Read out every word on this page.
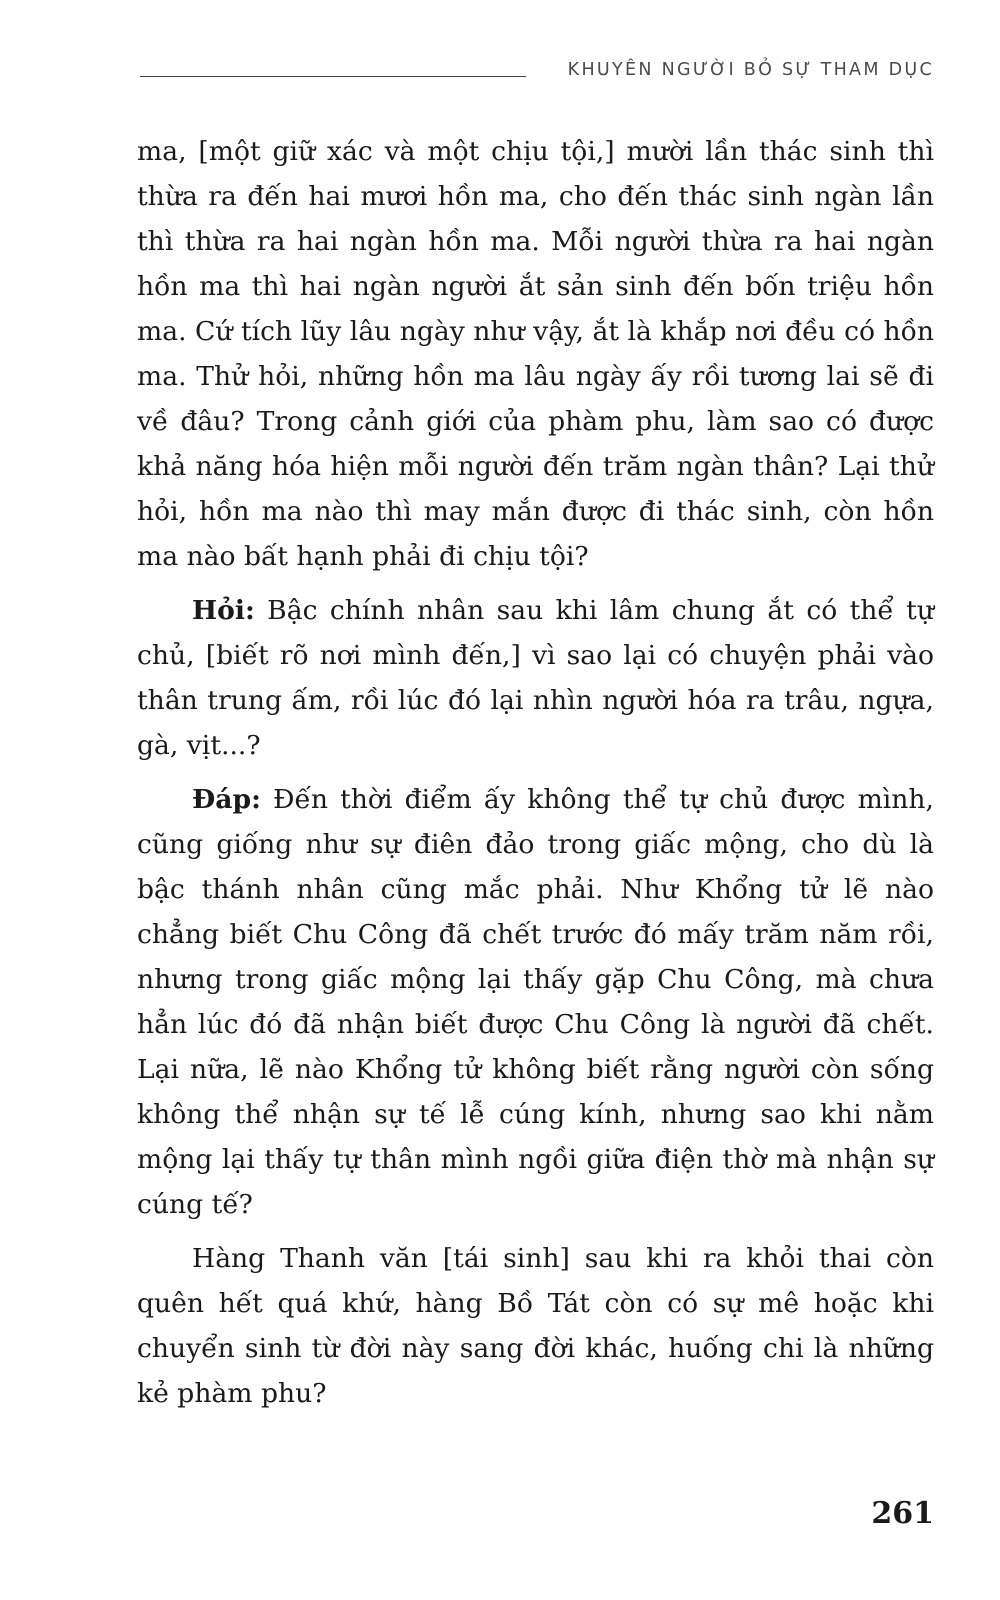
KHUYÊN NGƯỜI BỎ SỰ THAM DỤC

ma, [một giữ xác và một chịu tội,] mười lần thác sinh thì thừa ra đến hai mươi hồn ma, cho đến thác sinh ngàn lần thì thừa ra hai ngàn hồn ma. Mỗi người thừa ra hai ngàn hồn ma thì hai ngàn người ắt sản sinh đến bốn triệu hồn ma. Cứ tích lũy lâu ngày như vậy, ắt là khắp nơi đều có hồn ma. Thử hỏi, những hồn ma lâu ngày ấy rồi tương lai sẽ đi về đâu? Trong cảnh giới của phàm phu, làm sao có được khả năng hóa hiện mỗi người đến trăm ngàn thân? Lại thử hỏi, hồn ma nào thì may mắn được đi thác sinh, còn hồn ma nào bất hạnh phải đi chịu tội?

Hỏi: Bậc chính nhân sau khi lâm chung ắt có thể tự chủ, [biết rõ nơi mình đến,] vì sao lại có chuyện phải vào thân trung ấm, rồi lúc đó lại nhìn người hóa ra trâu, ngựa, gà, vịt...?

Đáp: Đến thời điểm ấy không thể tự chủ được mình, cũng giống như sự điên đảo trong giấc mộng, cho dù là bậc thánh nhân cũng mắc phải. Như Khổng tử lẽ nào chẳng biết Chu Công đã chết trước đó mấy trăm năm rồi, nhưng trong giấc mộng lại thấy gặp Chu Công, mà chưa hẳn lúc đó đã nhận biết được Chu Công là người đã chết. Lại nữa, lẽ nào Khổng tử không biết rằng người còn sống không thể nhận sự tế lễ cúng kính, nhưng sao khi nằm mộng lại thấy tự thân mình ngồi giữa điện thờ mà nhận sự cúng tế?

Hàng Thanh văn [tái sinh] sau khi ra khỏi thai còn quên hết quá khứ, hàng Bồ Tát còn có sự mê hoặc khi chuyển sinh từ đời này sang đời khác, huống chi là những kẻ phàm phu?

261
